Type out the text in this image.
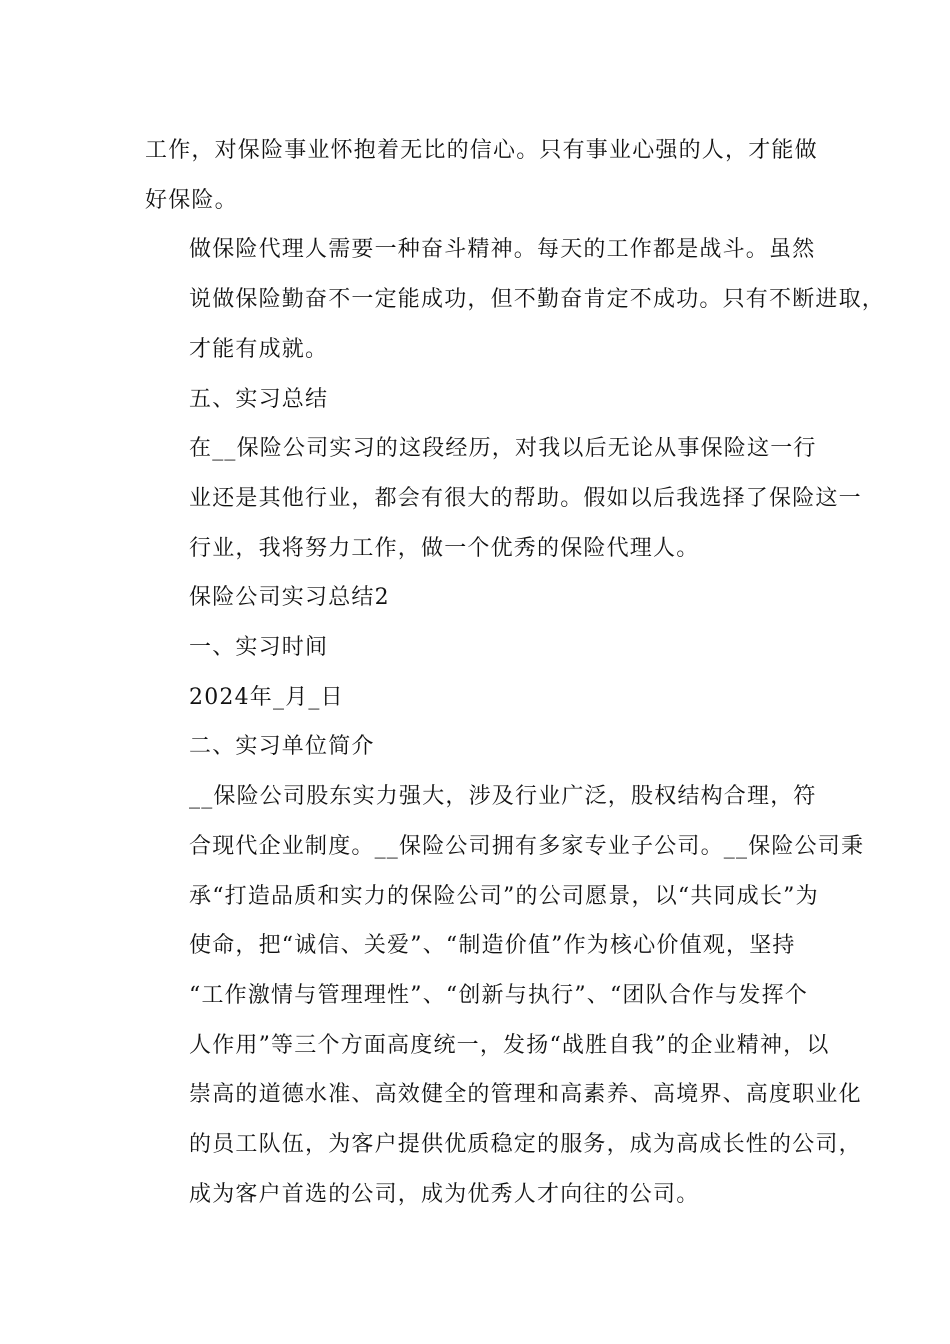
工作，对保险事业怀抱着无比的信心。只有事业心强的人，才能做
好保险。

做保险代理人需要一种奋斗精神。每天的工作都是战斗。虽然
说做保险勤奋不一定能成功，但不勤奋肯定不成功。只有不断进取，
才能有成就。

五、实习总结

在__保险公司实习的这段经历，对我以后无论从事保险这一行
业还是其他行业，都会有很大的帮助。假如以后我选择了保险这一
行业，我将努力工作，做一个优秀的保险代理人。

保险公司实习总结2

一、实习时间

2024年_月_日

二、实习单位简介

__保险公司股东实力强大，涉及行业广泛，股权结构合理，符
合现代企业制度。__保险公司拥有多家专业子公司。__保险公司秉
承“打造品质和实力的保险公司”的公司愿景，以“共同成长”为
使命，把“诚信、关爱”、“制造价值”作为核心价值观，坚持
“工作激情与管理理性”、“创新与执行”、“团队合作与发挥个
人作用”等三个方面高度统一，发扬“战胜自我”的企业精神，以
崇高的道德水准、高效健全的管理和高素养、高境界、高度职业化
的员工队伍，为客户提供优质稳定的服务，成为高成长性的公司，
成为客户首选的公司，成为优秀人才向往的公司。
